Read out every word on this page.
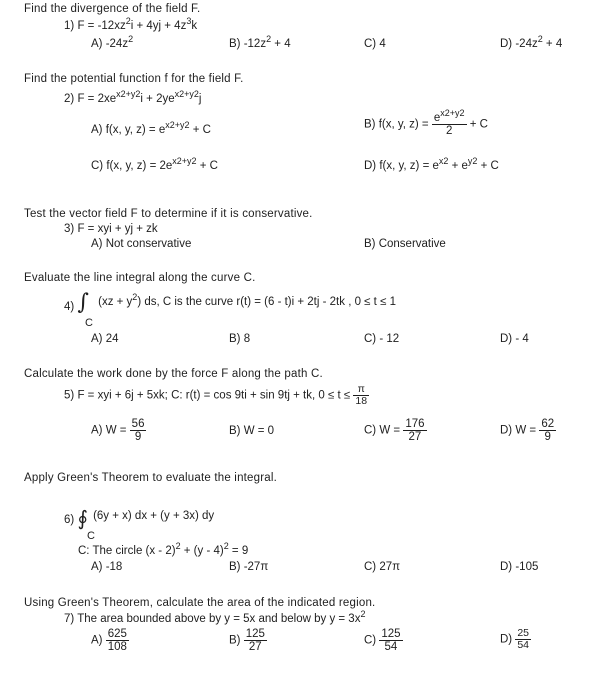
Find the divergence of the field F.
1) $F = -12xz^2i + 4yj + 4z^3k$
A) $-24z^2$	B) $-12z^2 + 4$	C) 4	D) $-24z^2 + 4$
Find the potential function f for the field F.
2) $F = 2xe^{x2+y2}i + 2ye^{x2+y2}j$
A) f(x, y, $z) = e^{x2+y2} + C$	B) f(x, y, $z) = \frac{e^{x2+y2}}{2} + C$
C) f(x, y, $z) = 2e^{x2+y2} + C$	D) f(x, y, $z) = e^{x2} + e^{y2} + C$
Test the vector field F to determine if it is conservative.
3) F = xyi + yj + zk
A) Not conservative	B) Conservative
Evaluate the line integral along the curve C.
4) ∫
C
$(xz + y^2)$ ds, C is the curve r(t) = (6 - t)i + 2tj - 2tk , 0 ≤ t ≤ 1
A) 24	B) 8	C) - 12	D) - 4
Calculate the work done by the force F along the path C.
5) F = xyi + 6j + 5xk; C: r(t) = cos 9ti + sin 9tj + tk, $0 \le t \le \frac{\pi}{18}$
A) $W = \frac{56}{9}$	B) W = 0	C) $W = \frac{176}{27}$	D) $W = \frac{62}{9}$
Apply Green's Theorem to evaluate the integral.
6) ∮
C
(6y + x) dx + (y + 3x) dy
C: The circle (x - 2)$^2$ + (y - 4)$^2$ = 9
A) -18	B) -27π	C) 27π	D) -105
Using Green's Theorem, calculate the area of the indicated region.
7) The area bounded above by y = 5x and below by $y = 3x^2$
$A) \frac{625}{108}$	$B) \frac{125}{27}$	$C) \frac{125}{54}$	$D) \frac{25}{54}$
